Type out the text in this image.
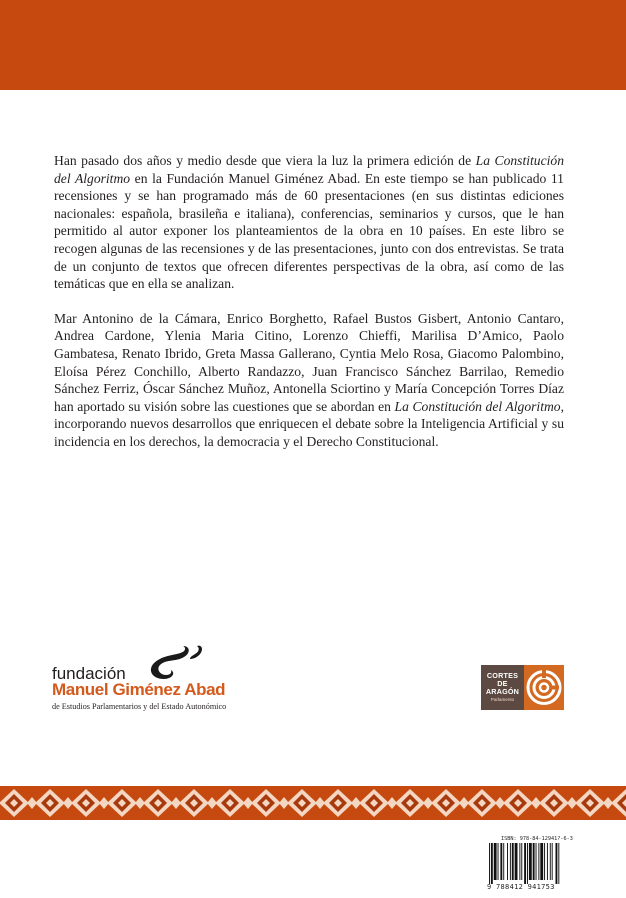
Han pasado dos años y medio desde que viera la luz la primera edición de La Constitución del Algoritmo en la Fundación Manuel Giménez Abad. En este tiempo se han publicado 11 recensiones y se han programado más de 60 presentaciones (en sus distintas ediciones nacionales: española, brasileña e italiana), conferencias, seminarios y cursos, que le han permitido al autor exponer los planteamientos de la obra en 10 países. En este libro se recogen algunas de las recensiones y de las presentaciones, junto con dos entrevistas. Se trata de un conjunto de textos que ofrecen diferentes perspectivas de la obra, así como de las temáticas que en ella se analizan.

Mar Antonino de la Cámara, Enrico Borghetto, Rafael Bustos Gisbert, Antonio Cantaro, Andrea Cardone, Ylenia Maria Citino, Lorenzo Chieffi, Marilisa D’Amico, Paolo Gambatesa, Renato Ibrido, Greta Massa Gallerano, Cyntia Melo Rosa, Giacomo Palombino, Eloísa Pérez Conchillo, Alberto Randazzo, Juan Francisco Sánchez Barrilao, Remedio Sánchez Ferriz, Óscar Sánchez Muñoz, Antonella Sciortino y María Concepción Torres Díaz han aportado su visión sobre las cuestiones que se abordan en La Constitución del Algoritmo, incorporando nuevos desarrollos que enriquecen el debate sobre la Inteligencia Artificial y su incidencia en los derechos, la democracia y el Derecho Constitucional.

fundación
Manuel Giménez Abad
de Estudios Parlamentarios y del Estado Autonómico
CORTES
DE ARAGÓN
Parlamento
ISBN: 978-84-12941?-6-3
9 788412 941753
